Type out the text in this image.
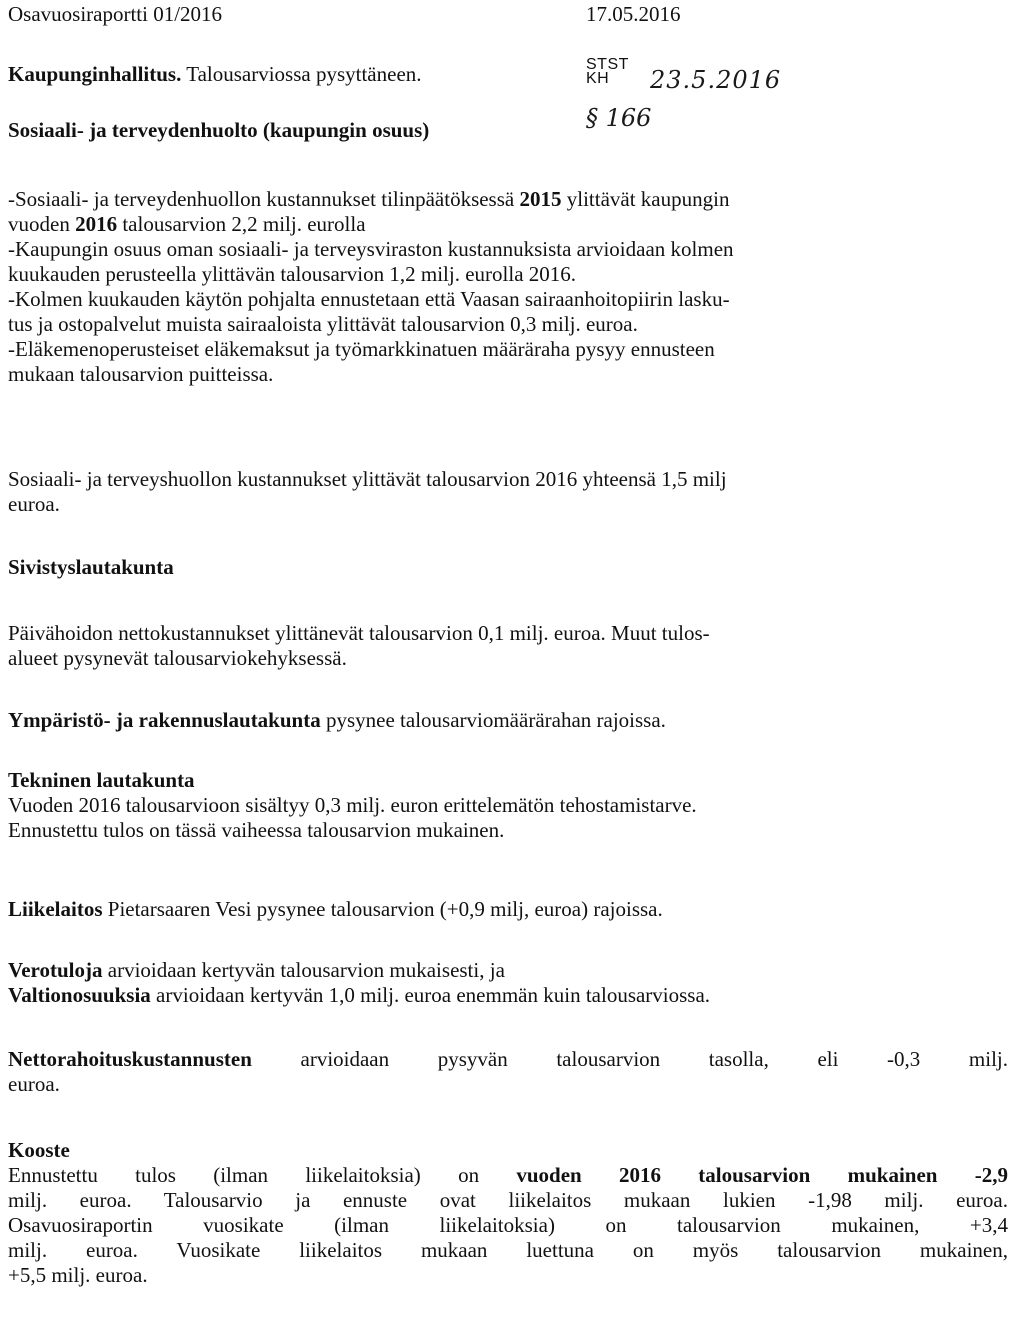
Osavuosiraportti 01/2016	17.05.2016
STST
KH	23.5.2016
§ 166
Kaupunginhallitus. Talousarviossa pysyttäneen.
Sosiaali- ja terveydenhuolto (kaupungin osuus)
-Sosiaali- ja terveydenhuollon kustannukset tilinpäätöksessä 2015 ylittävät kaupungin
vuoden 2016 talousarvion 2,2 milj. eurolla
-Kaupungin osuus oman sosiaali- ja terveysviraston kustannuksista arvioidaan kolmen
kuukauden perusteella ylittävän talousarvion 1,2 milj. eurolla 2016.
-Kolmen kuukauden käytön pohjalta ennustetaan että Vaasan sairaanhoitopiirin lasku-
tus ja ostopalvelut muista sairaaloista ylittävät talousarvion 0,3 milj. euroa.
-Eläkemenoperusteiset eläkemaksut ja työmarkkinatuen määräraha pysyy ennusteen
mukaan talousarvion puitteissa.
Sosiaali- ja terveyshuollon kustannukset ylittävät talousarvion 2016 yhteensä 1,5 milj
euroa.
Sivistyslautakunta
Päivähoidon nettokustannukset ylittänevät talousarvion 0,1 milj. euroa. Muut tulos-
alueet pysynevät talousarviokehyksessä.
Ympäristö- ja rakennuslautakunta pysynee talousarviomäärärahan rajoissa.
Tekninen lautakunta
Vuoden 2016 talousarvioon sisältyy 0,3 milj. euron erittelemätön tehostamistarve.
Ennustettu tulos on tässä vaiheessa talousarvion mukainen.
Liikelaitos Pietarsaaren Vesi pysynee talousarvion (+0,9 milj, euroa) rajoissa.
Verotuloja arvioidaan kertyvän talousarvion mukaisesti, ja
Valtionosuuksia arvioidaan kertyvän 1,0 milj. euroa enemmän kuin talousarviossa.
Nettorahoituskustannusten arvioidaan pysyvän talousarvion tasolla, eli -0,3 milj.
euroa.
Kooste
Ennustettu tulos (ilman liikelaitoksia) on vuoden 2016 talousarvion mukainen -2,9
milj. euroa. Talousarvio ja ennuste ovat liikelaitos mukaan lukien -1,98 milj. euroa.
Osavuosiraportin vuosikate (ilman liikelaitoksia) on talousarvion mukainen, +3,4
milj. euroa. Vuosikate liikelaitos mukaan luettuna on myös talousarvion mukainen,
+5,5 milj. euroa.
